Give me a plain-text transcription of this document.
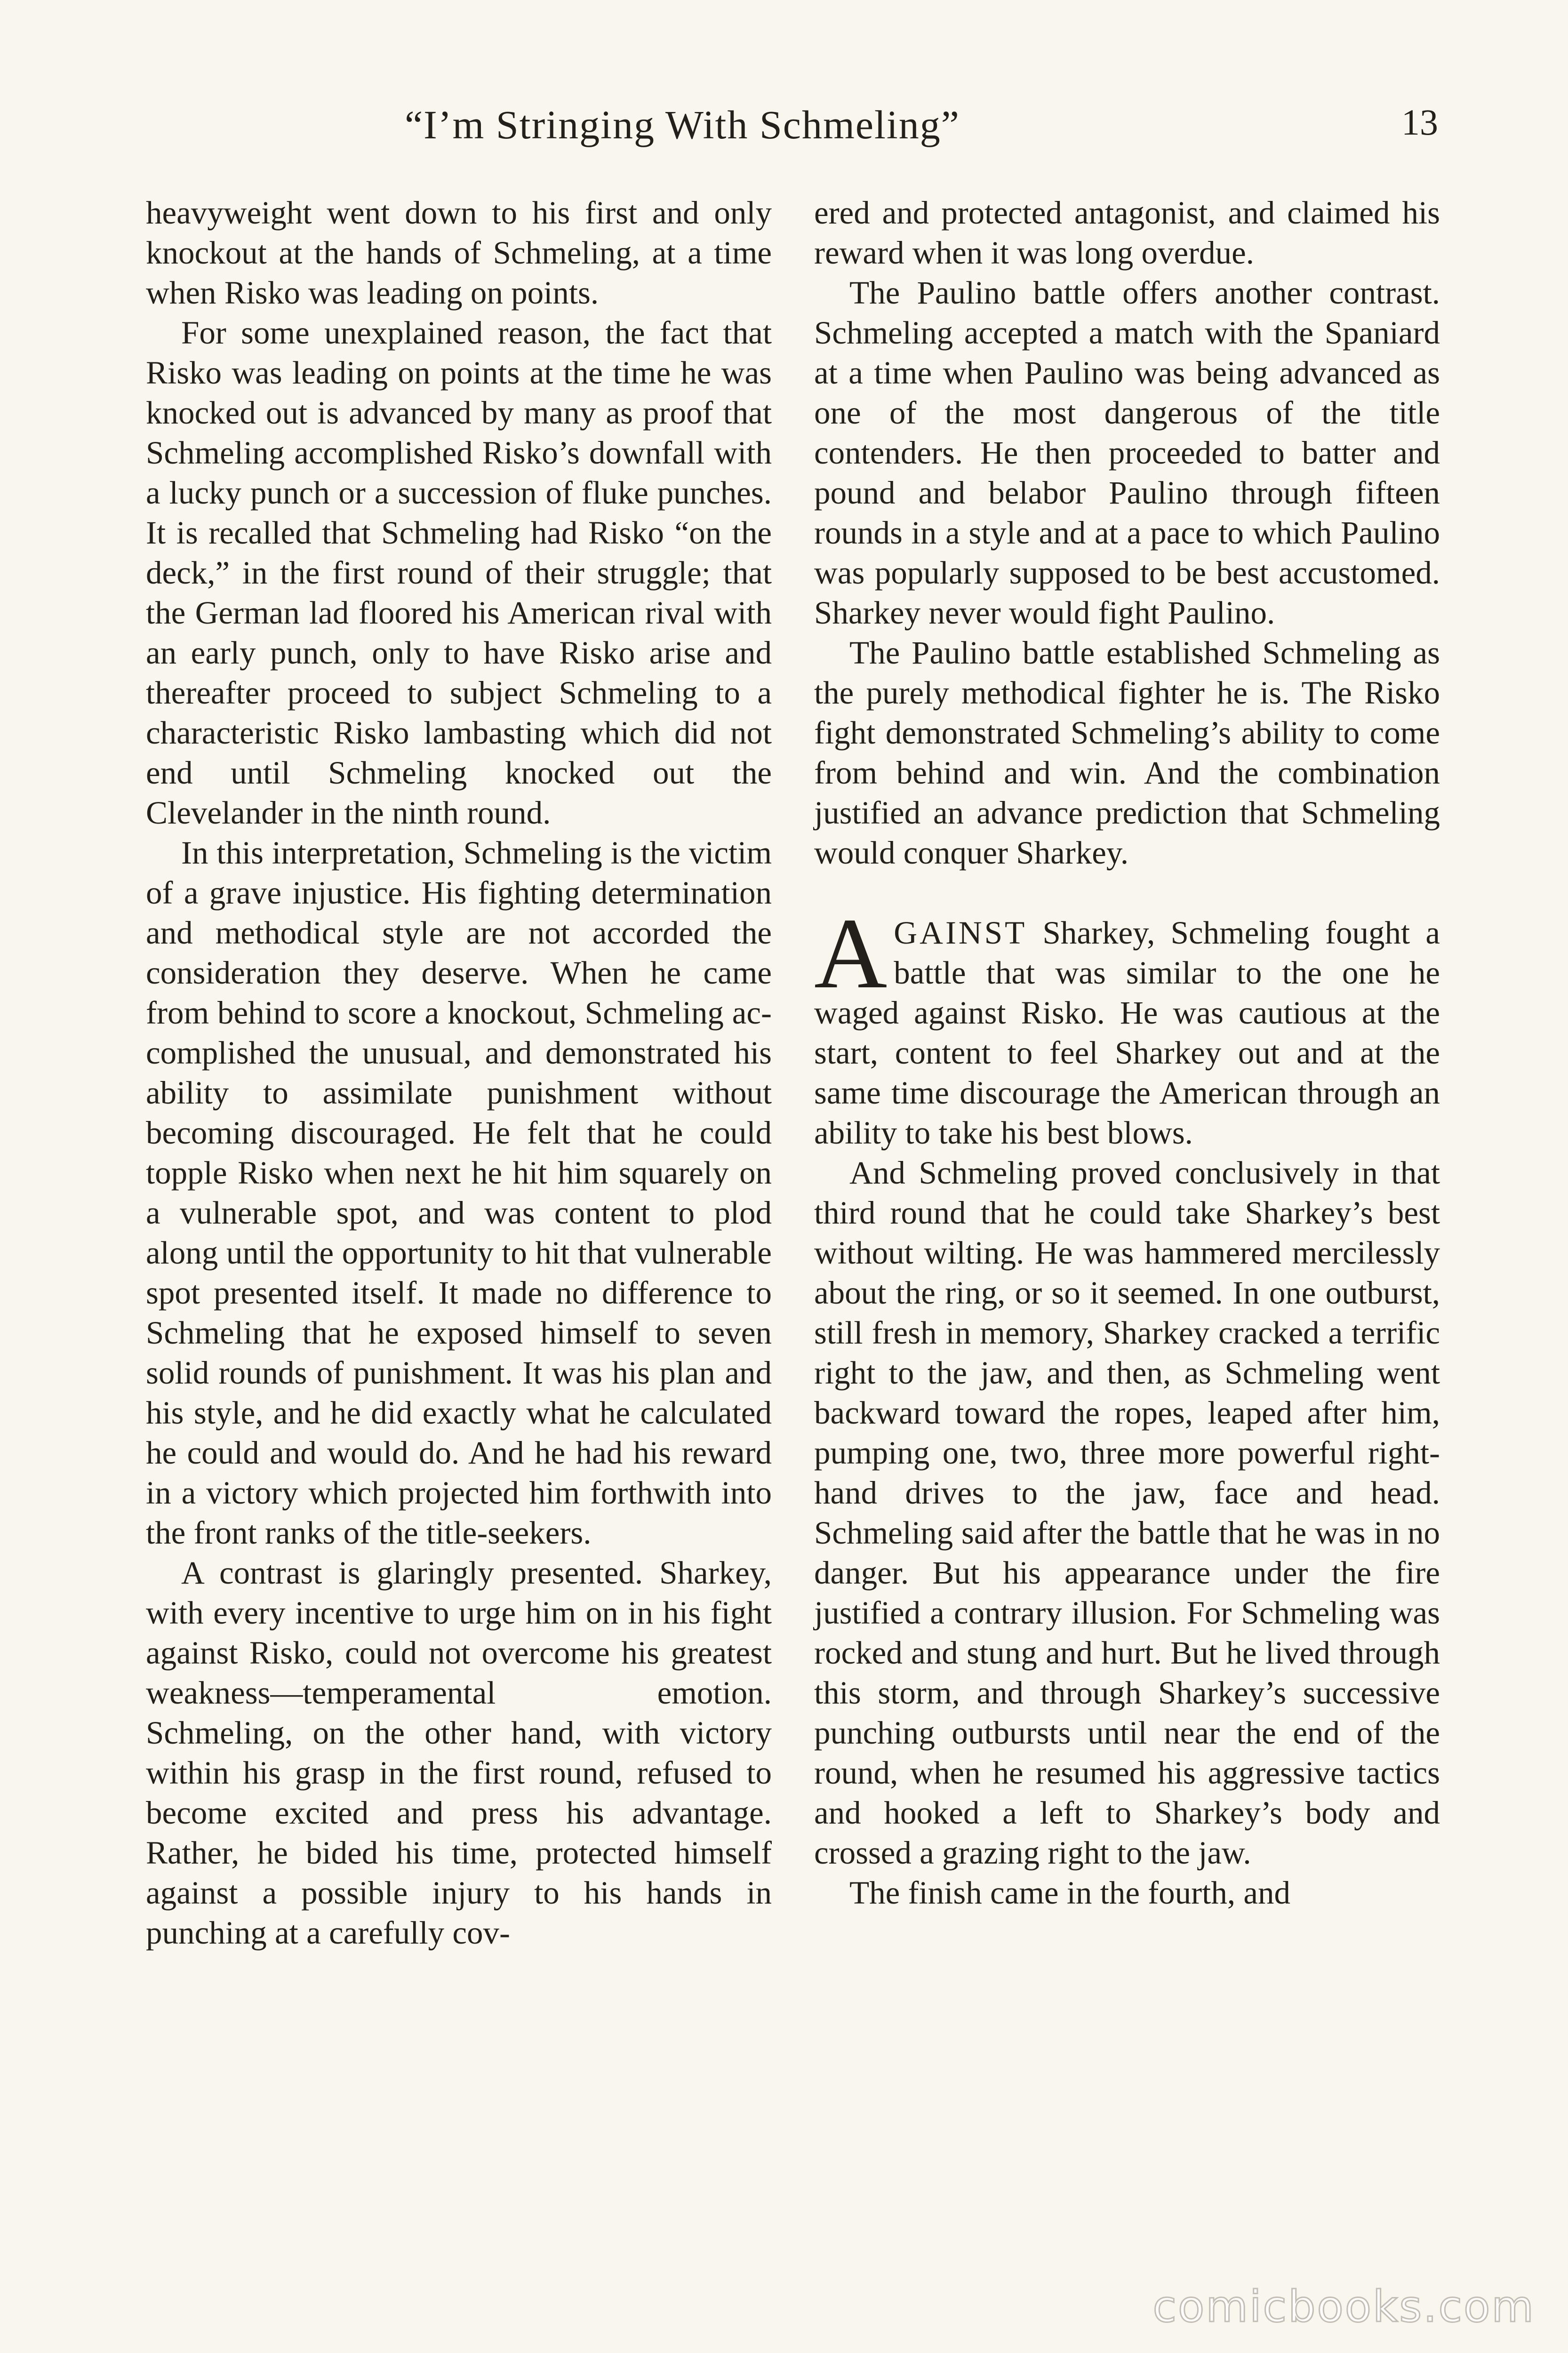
“I’m Stringing With Schmeling”	13

heavyweight went down to his first and only knockout at the hands of Schmeling, at a time when Risko was leading on points.

For some unexplained reason, the fact that Risko was leading on points at the time he was knocked out is advanced by many as proof that Schmeling accomplished Risko’s downfall with a lucky punch or a succession of fluke punches. It is recalled that Schmeling had Risko “on the deck,” in the first round of their struggle; that the German lad floored his American rival with an early punch, only to have Risko arise and thereafter proceed to subject Schmeling to a characteristic Risko lambasting which did not end until Schmeling knocked out the Clevelander in the ninth round.

In this interpretation, Schmeling is the victim of a grave injustice. His fighting determination and methodical style are not accorded the consideration they deserve. When he came from behind to score a knockout, Schmeling accomplished the unusual, and demonstrated his ability to assimilate punishment without becoming discouraged. He felt that he could topple Risko when next he hit him squarely on a vulnerable spot, and was content to plod along until the opportunity to hit that vulnerable spot presented itself. It made no difference to Schmeling that he exposed himself to seven solid rounds of punishment. It was his plan and his style, and he did exactly what he calculated he could and would do. And he had his reward in a victory which projected him forthwith into the front ranks of the title-seekers.

A contrast is glaringly presented. Sharkey, with every incentive to urge him on in his fight against Risko, could not overcome his greatest weakness—temperamental emotion. Schmeling, on the other hand, with victory within his grasp in the first round, refused to become excited and press his advantage. Rather, he bided his time, protected himself against a possible injury to his hands in punching at a carefully cov-

ered and protected antagonist, and claimed his reward when it was long overdue.

The Paulino battle offers another contrast. Schmeling accepted a match with the Spaniard at a time when Paulino was being advanced as one of the most dangerous of the title contenders. He then proceeded to batter and pound and belabor Paulino through fifteen rounds in a style and at a pace to which Paulino was popularly supposed to be best accustomed. Sharkey never would fight Paulino.

The Paulino battle established Schmeling as the purely methodical fighter he is. The Risko fight demonstrated Schmeling’s ability to come from behind and win. And the combination justified an advance prediction that Schmeling would conquer Sharkey.

AGAINST Sharkey, Schmeling fought a battle that was similar to the one he waged against Risko. He was cautious at the start, content to feel Sharkey out and at the same time discourage the American through an ability to take his best blows.

And Schmeling proved conclusively in that third round that he could take Sharkey’s best without wilting. He was hammered mercilessly about the ring, or so it seemed. In one outburst, still fresh in memory, Sharkey cracked a terrific right to the jaw, and then, as Schmeling went backward toward the ropes, leaped after him, pumping one, two, three more powerful right-hand drives to the jaw, face and head. Schmeling said after the battle that he was in no danger. But his appearance under the fire justified a contrary illusion. For Schmeling was rocked and stung and hurt. But he lived through this storm, and through Sharkey’s successive punching outbursts until near the end of the round, when he resumed his aggressive tactics and hooked a left to Sharkey’s body and crossed a grazing right to the jaw.

The finish came in the fourth, and

comicbooks.com
